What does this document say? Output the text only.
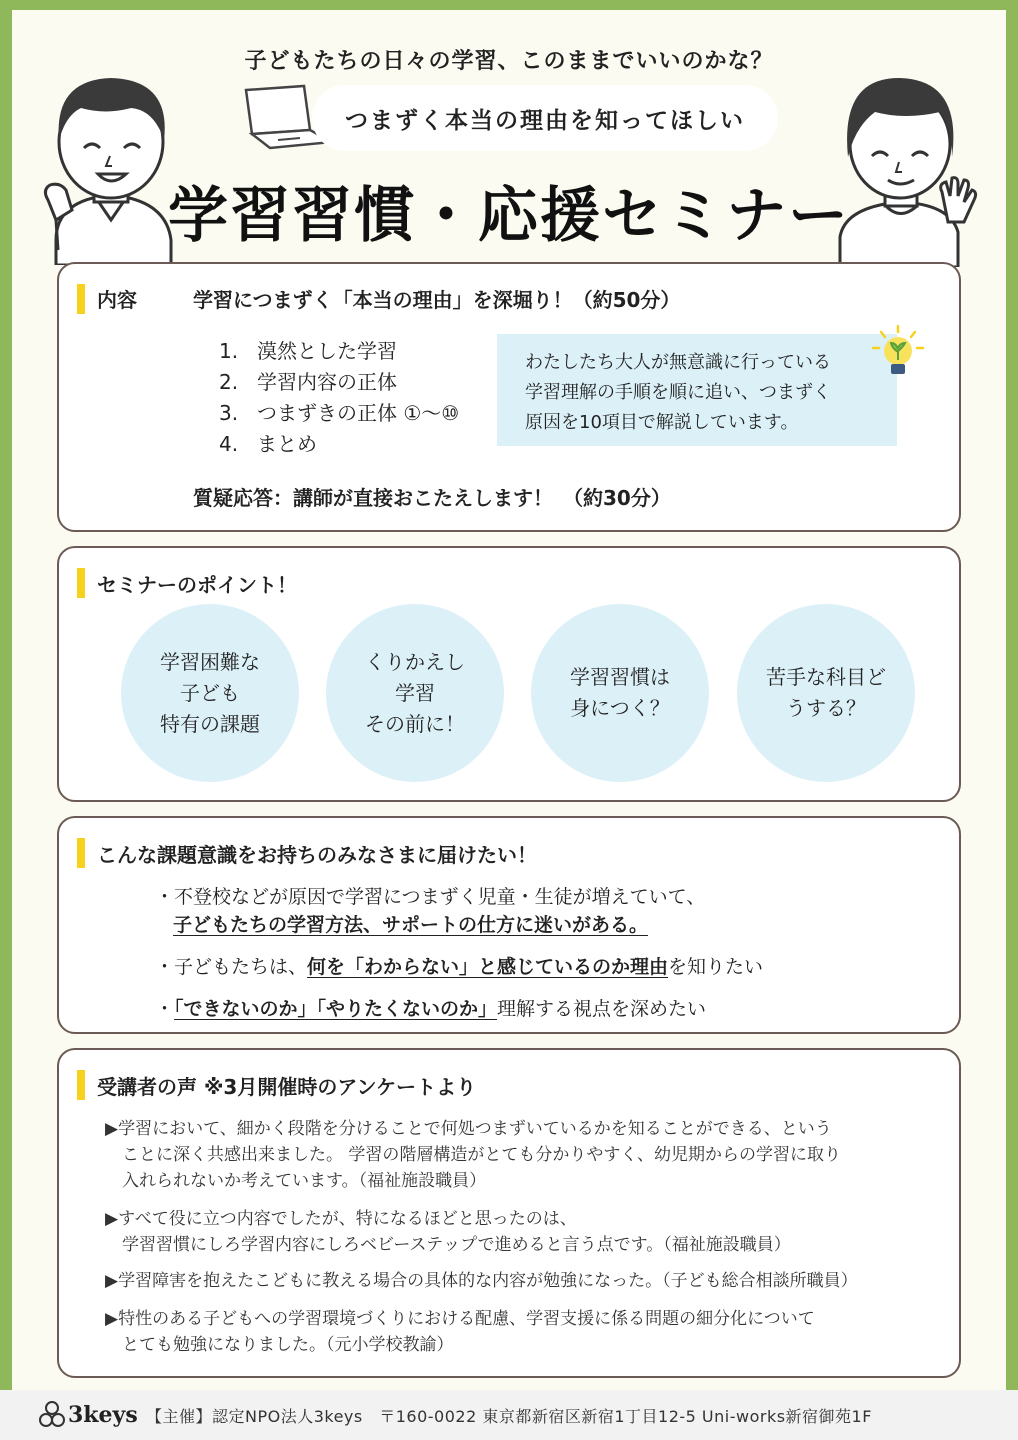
子どもたちの日々の学習、このままでいいのかな？
つまずく本当の理由を知ってほしい
学習習慣・応援セミナー
内容	学習につまずく「本当の理由」を深堀り！（約50分）
1. 漠然とした学習
2. 学習内容の正体
3. つまずきの正体 ①〜⑩
4. まとめ
わたしたち大人が無意識に行っている
学習理解の手順を順に追い、つまずく
原因を10項目で解説しています。
質疑応答：講師が直接おこたえします！　（約30分）
セミナーのポイント！
学習困難な
子ども
特有の課題
くりかえし
学習
その前に！
学習習慣は
身につく？
苦手な科目ど
うする？
こんな課題意識をお持ちのみなさまに届けたい！
・不登校などが原因で学習につまずく児童・生徒が増えていて、
子どもたちの学習方法、サポートの仕方に迷いがある。
・子どもたちは、何を「わからない」と感じているのか理由を知りたい
・「できないのか」「やりたくないのか」理解する視点を深めたい
受講者の声 ※3月開催時のアンケートより
▶学習において、細かく段階を分けることで何処つまずいているかを知ることができる、という
　ことに深く共感出来ました。 学習の階層構造がとても分かりやすく、幼児期からの学習に取り
　入れられないか考えています。（福祉施設職員）
▶すべて役に立つ内容でしたが、特になるほどと思ったのは、
　学習習慣にしろ学習内容にしろベビーステップで進めると言う点です。（福祉施設職員）
▶学習障害を抱えたこどもに教える場合の具体的な内容が勉強になった。（子ども総合相談所職員）
▶特性のある子どもへの学習環境づくりにおける配慮、学習支援に係る問題の細分化について
　とても勉強になりました。（元小学校教諭）
3keys 【主催】認定NPO法人3keys　〒160-0022 東京都新宿区新宿1丁目12-5 Uni-works新宿御苑1F
